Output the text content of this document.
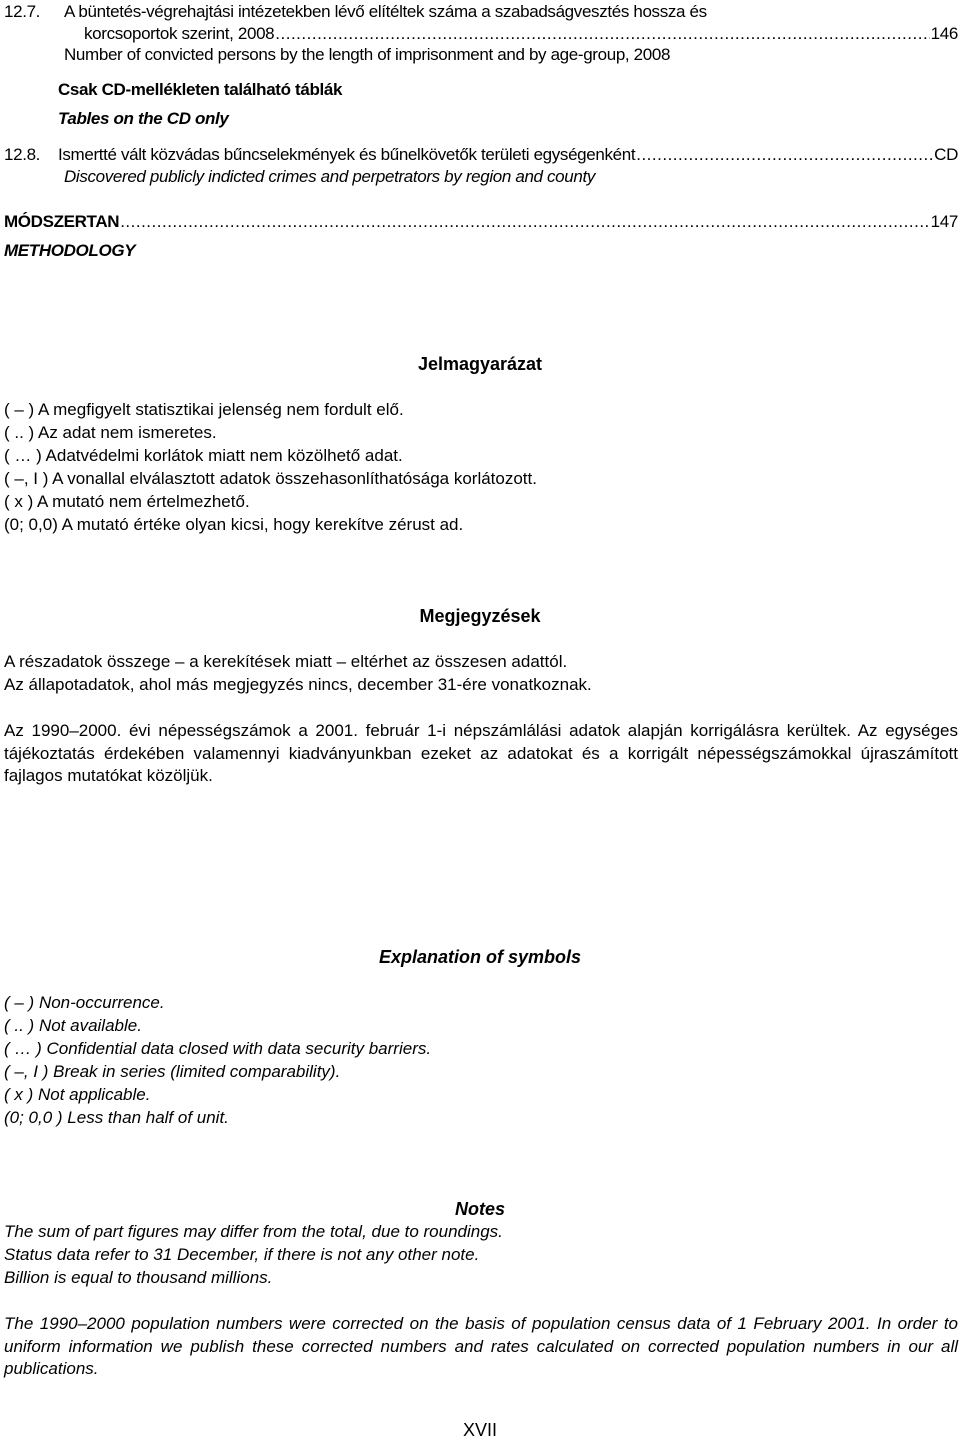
12.7. A büntetés-végrehajtási intézetekben lévő elítéltek száma a szabadságvesztés hossza és
korcsoportok szerint, 2008 .....	146
Number of convicted persons by the length of imprisonment and by age-group, 2008
Csak CD-mellékleten található táblák
Tables on the CD only
12.8. Ismertté vált közvádas bűncselekmények és bűnelkövetők területi egységenként .....	CD
Discovered publicly indicted crimes and perpetrators by region and county
MÓDSZERTAN .....	147
METHODOLOGY
Jelmagyarázat
( – ) A megfigyelt statisztikai jelenség nem fordult elő.
( .. ) Az adat nem ismeretes.
( … ) Adatvédelmi korlátok miatt nem közölhető adat.
( –, I ) A vonallal elválasztott adatok összehasonlíthatósága korlátozott.
( x ) A mutató nem értelmezhető.
(0; 0,0) A mutató értéke olyan kicsi, hogy kerekítve zérust ad.
Megjegyzések
A részadatok összege – a kerekítések miatt – eltérhet az összesen adattól.
Az állapotadatok, ahol más megjegyzés nincs, december 31-ére vonatkoznak.
Az 1990–2000. évi népességszámok a 2001. február 1-i népszámlálási adatok alapján korrigálásra kerültek. Az egységes tájékoztatás érdekében valamennyi kiadványunkban ezeket az adatokat és a korrigált népességszámokkal újraszámított fajlagos mutatókat közöljük.
Explanation of symbols
( – ) Non-occurrence.
( .. ) Not available.
( … ) Confidential data closed with data security barriers.
( –, I ) Break in series (limited comparability).
( x ) Not applicable.
(0; 0,0 ) Less than half of unit.
Notes
The sum of part figures may differ from the total, due to roundings.
Status data refer to 31 December, if there is not any other note.
Billion is equal to thousand millions.
The 1990–2000 population numbers were corrected on the basis of population census data of 1 February 2001. In order to uniform information we publish these corrected numbers and rates calculated on corrected population numbers in our all publications.
XVII
